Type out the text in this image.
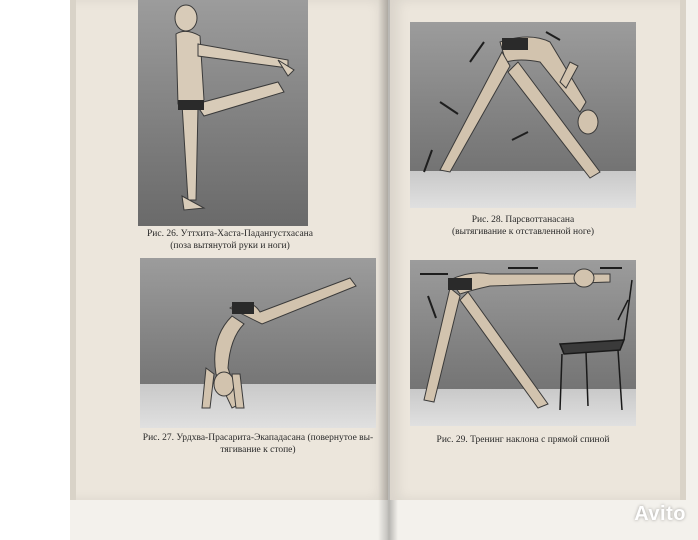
Рис. 26. Уттхита-Хаста-Падангустхасана
(поза вытянутой руки и ноги)
Рис. 27. Урдхва-Прасарита-Экападасана (повернутое вы-
тягивание к стопе)
Рис. 28. Парсвоттанасана
(вытягивание к отставленной ноге)
Рис. 29. Тренинг наклона с прямой спиной
Avito
